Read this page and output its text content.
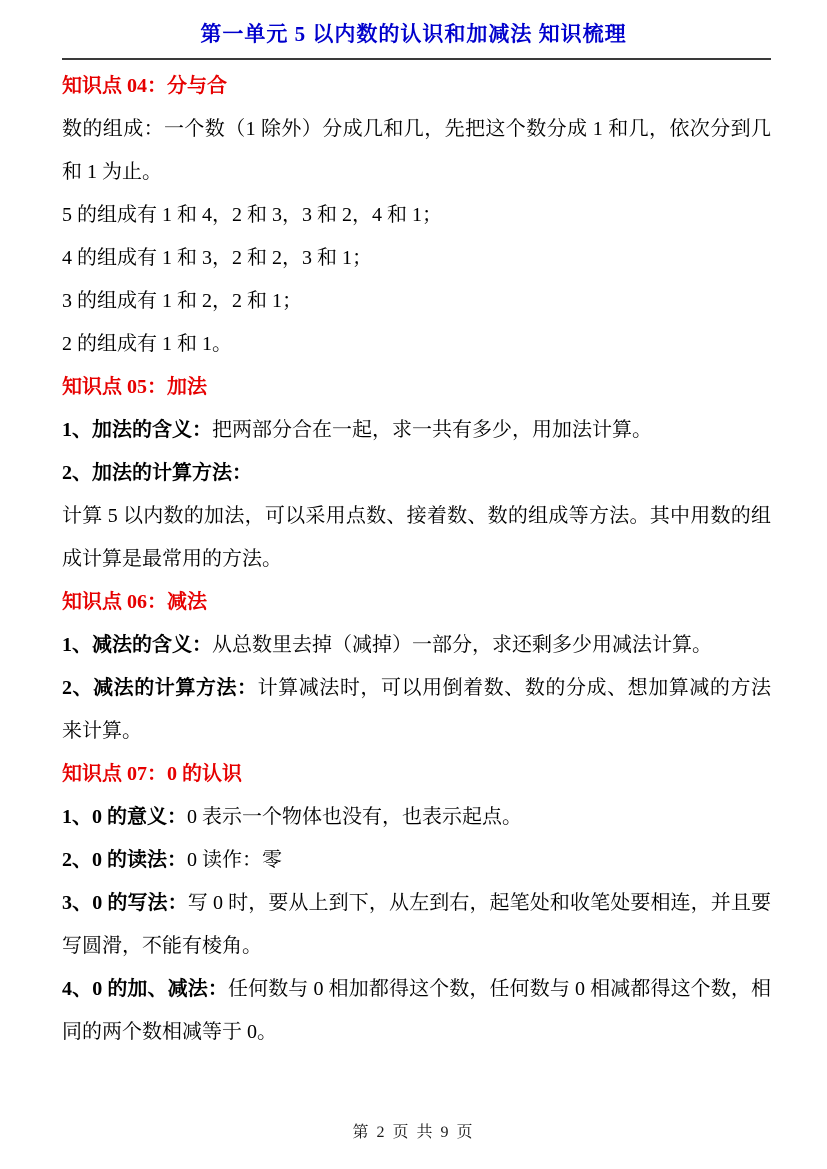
第一单元 5 以内数的认识和加减法 知识梳理
知识点 04：分与合

数的组成：一个数（1 除外）分成几和几，先把这个数分成 1 和几，依次分到几和 1 为止。

5 的组成有 1 和 4，2 和 3，3 和 2，4 和 1；

4 的组成有 1 和 3，2 和 2，3 和 1；

3 的组成有 1 和 2，2 和 1；

2 的组成有 1 和 1。

知识点 05：加法

1、加法的含义：把两部分合在一起，求一共有多少，用加法计算。

2、加法的计算方法：

计算 5 以内数的加法，可以采用点数、接着数、数的组成等方法。其中用数的组成计算是最常用的方法。

知识点 06：减法

1、减法的含义：从总数里去掉（减掉）一部分，求还剩多少用减法计算。

2、减法的计算方法：计算减法时，可以用倒着数、数的分成、想加算减的方法来计算。

知识点 07：0 的认识

1、0 的意义：0 表示一个物体也没有，也表示起点。

2、0 的读法：0 读作：零

3、0 的写法：写 0 时，要从上到下，从左到右，起笔处和收笔处要相连，并且要写圆滑，不能有棱角。

4、0 的加、减法：任何数与 0 相加都得这个数，任何数与 0 相减都得这个数，相同的两个数相减等于 0。

第 2 页 共 9 页
